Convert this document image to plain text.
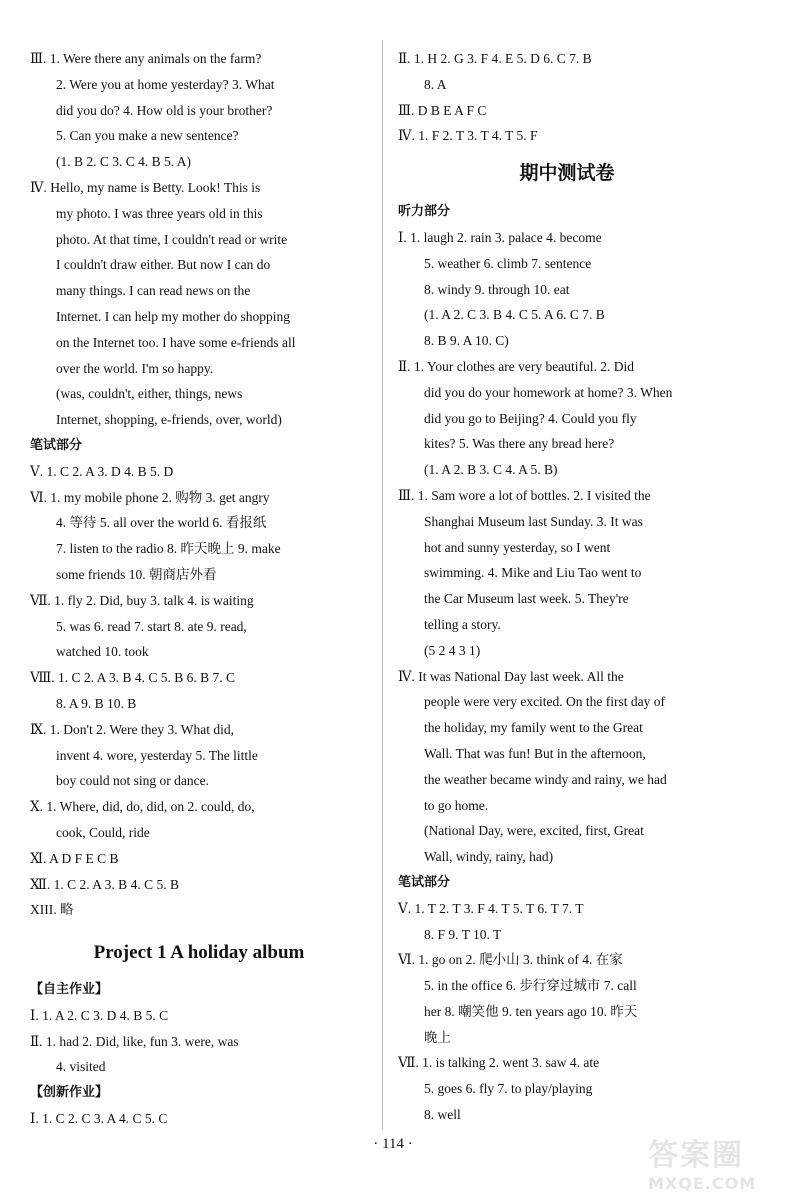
Ⅲ. 1. Were there any animals on the farm?
2. Were you at home yesterday? 3. What
did you do? 4. How old is your brother?
5. Can you make a new sentence?
(1. B 2. C 3. C 4. B 5. A)
Ⅳ. Hello, my name is Betty. Look! This is
my photo. I was three years old in this
photo. At that time, I couldn't read or write
I couldn't draw either. But now I can do
many things. I can read news on the
Internet. I can help my mother do shopping
on the Internet too. I have some e-friends all
over the world. I'm so happy.
(was, couldn't, either, things, news
Internet, shopping, e-friends, over, world)
笔试部分
Ⅴ. 1. C 2. A 3. D 4. B 5. D
Ⅵ. 1. my mobile phone 2. 购物 3. get angry
4. 等待 5. all over the world 6. 看报纸
7. listen to the radio 8. 昨天晚上 9. make
some friends 10. 朝商店外看
Ⅶ. 1. fly 2. Did, buy 3. talk 4. is waiting
5. was 6. read 7. start 8. ate 9. read,
watched 10. took
Ⅷ. 1. C 2. A 3. B 4. C 5. B 6. B 7. C
8. A 9. B 10. B
Ⅸ. 1. Don't 2. Were they 3. What did,
invent 4. wore, yesterday 5. The little
boy could not sing or dance.
Ⅹ. 1. Where, did, do, did, on 2. could, do,
cook, Could, ride
Ⅺ. A D F E C B
Ⅻ. 1. C 2. A 3. B 4. C 5. B
XIII. 略
Project 1 A holiday album
【自主作业】
Ⅰ. 1. A 2. C 3. D 4. B 5. C
Ⅱ. 1. had 2. Did, like, fun 3. were, was
4. visited
【创新作业】
Ⅰ. 1. C 2. C 3. A 4. C 5. C
Ⅱ. 1. H 2. G 3. F 4. E 5. D 6. C 7. B
8. A
Ⅲ. D B E A F C
Ⅳ. 1. F 2. T 3. T 4. T 5. F
期中测试卷
听力部分
Ⅰ. 1. laugh 2. rain 3. palace 4. become
5. weather 6. climb 7. sentence
8. windy 9. through 10. eat
(1. A 2. C 3. B 4. C 5. A 6. C 7. B
8. B 9. A 10. C)
Ⅱ. 1. Your clothes are very beautiful. 2. Did
did you do your homework at home? 3. When
did you go to Beijing? 4. Could you fly
kites? 5. Was there any bread here?
(1. A 2. B 3. C 4. A 5. B)
Ⅲ. 1. Sam wore a lot of bottles. 2. I visited the
Shanghai Museum last Sunday. 3. It was
hot and sunny yesterday, so I went
swimming. 4. Mike and Liu Tao went to
the Car Museum last week. 5. They're
telling a story.
(5 2 4 3 1)
Ⅳ. It was National Day last week. All the
people were very excited. On the first day of
the holiday, my family went to the Great
Wall. That was fun! But in the afternoon,
the weather became windy and rainy, we had
to go home.
(National Day, were, excited, first, Great
Wall, windy, rainy, had)
笔试部分
Ⅴ. 1. T 2. T 3. F 4. T 5. T 6. T 7. T
8. F 9. T 10. T
Ⅵ. 1. go on 2. 爬小山 3. think of 4. 在家
5. in the office 6. 步行穿过城市 7. call
her 8. 嘲笑他 9. ten years ago 10. 昨天
晚上
Ⅶ. 1. is talking 2. went 3. saw 4. ate
5. goes 6. fly 7. to play/playing
8. well
· 114 ·	答案圈
MXQE.COM
